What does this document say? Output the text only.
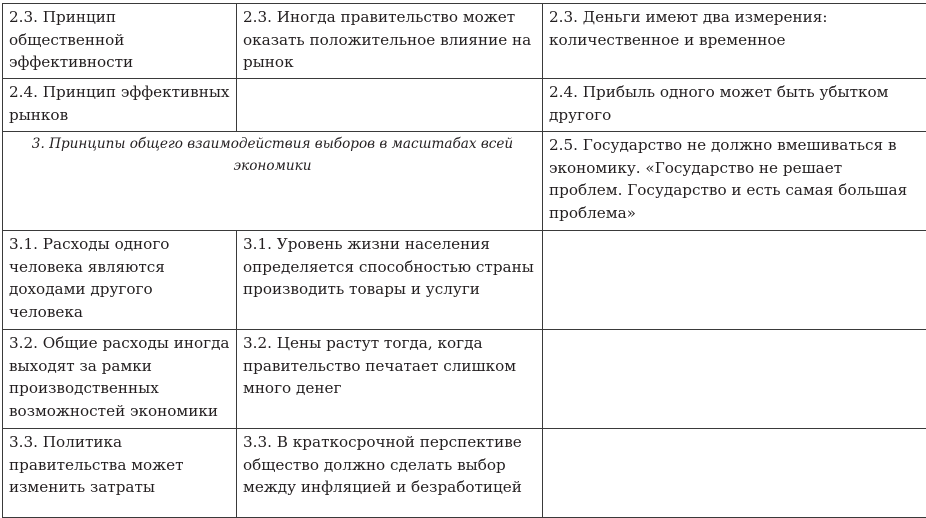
2.3. Принцип общественной эффективности	2.3. Иногда правительство может оказать положительное влияние на рынок	2.3. Деньги имеют два измерения: количественное и временное
2.4. Принцип эффективных рынков		2.4. Прибыль одного может быть убытком другого
3. Принципы общего взаимодействия выборов в масштабах всей экономики		2.5. Государство не должно вмешиваться в экономику. «Государство не решает проблем. Государство и есть самая большая проблема»
3.1. Расходы одного человека являются доходами другого человека	3.1. Уровень жизни населения определяется способностью страны производить товары и услуги	
3.2. Общие расходы иногда выходят за рамки производственных возможностей экономики	3.2. Цены растут тогда, когда правительство печатает слишком много денег	
3.3. Политика правительства может изменить затраты	3.3. В краткосрочной перспективе общество должно сделать выбор между инфляцией и безработицей	
